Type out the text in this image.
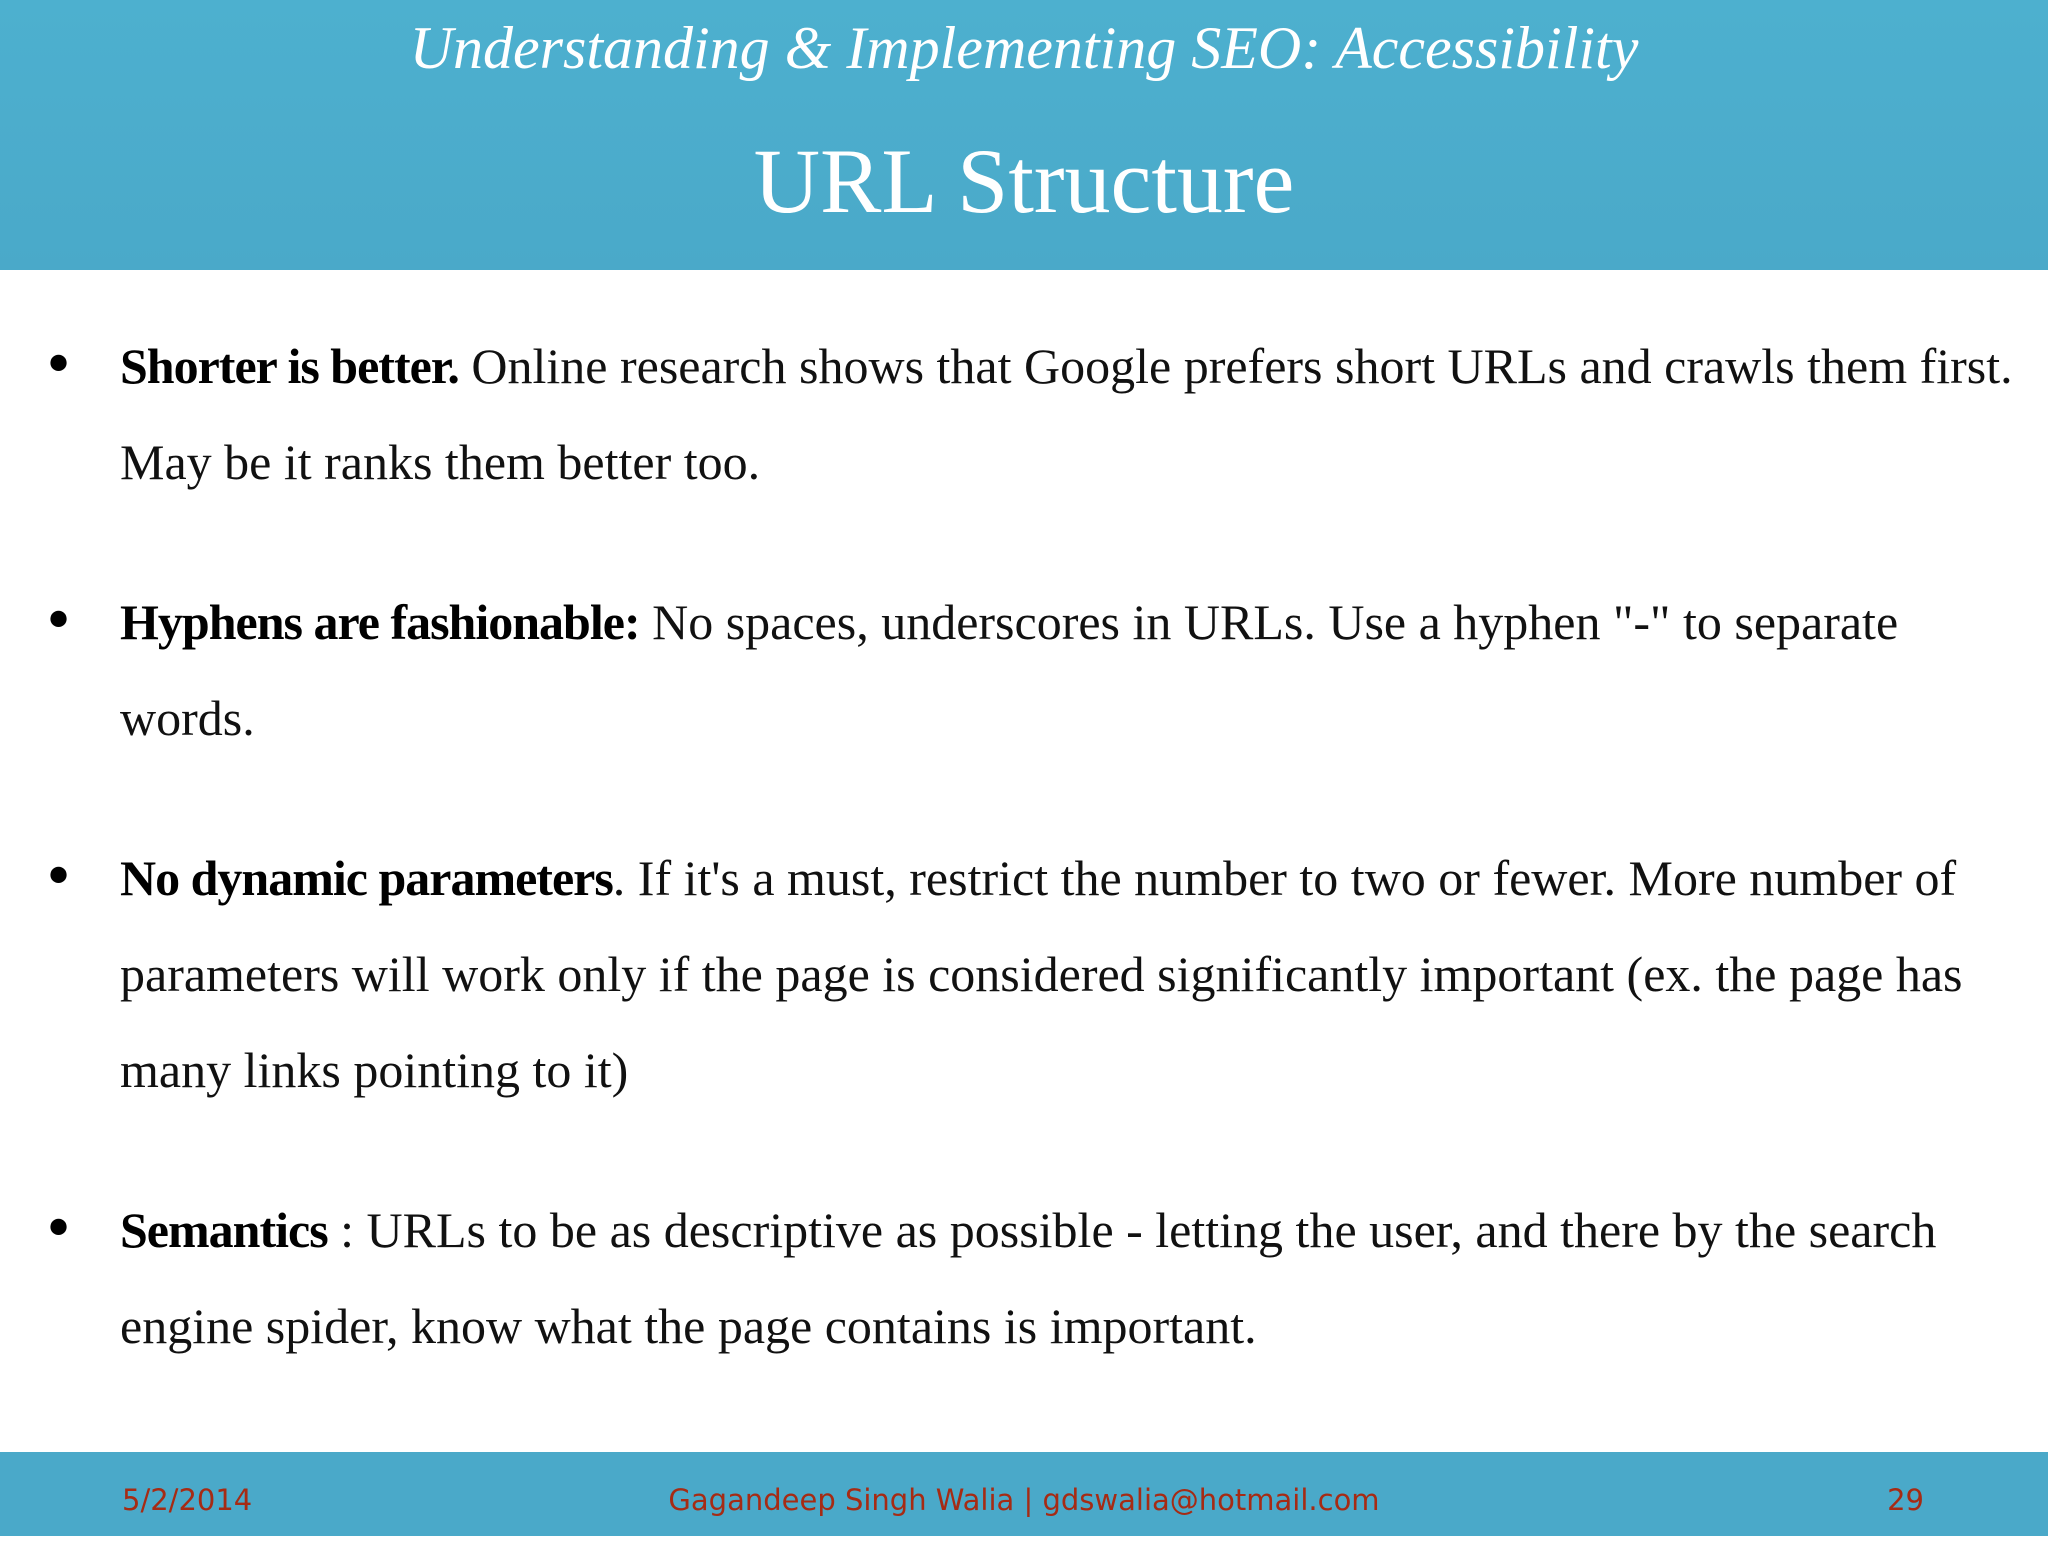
Understanding & Implementing SEO: Accessibility
URL Structure
• Shorter is better. Online research shows that Google prefers short URLs and crawls them first. May be it ranks them better too.
• Hyphens are fashionable: No spaces, underscores in URLs. Use a hyphen "-" to separate words.
• No dynamic parameters. If it's a must, restrict the number to two or fewer. More number of parameters will work only if the page is considered significantly important (ex. the page has many links pointing to it)
• Semantics : URLs to be as descriptive as possible - letting the user, and there by the search engine spider, know what the page contains is important.
5/2/2014	Gagandeep Singh Walia | gdswalia@hotmail.com	29
